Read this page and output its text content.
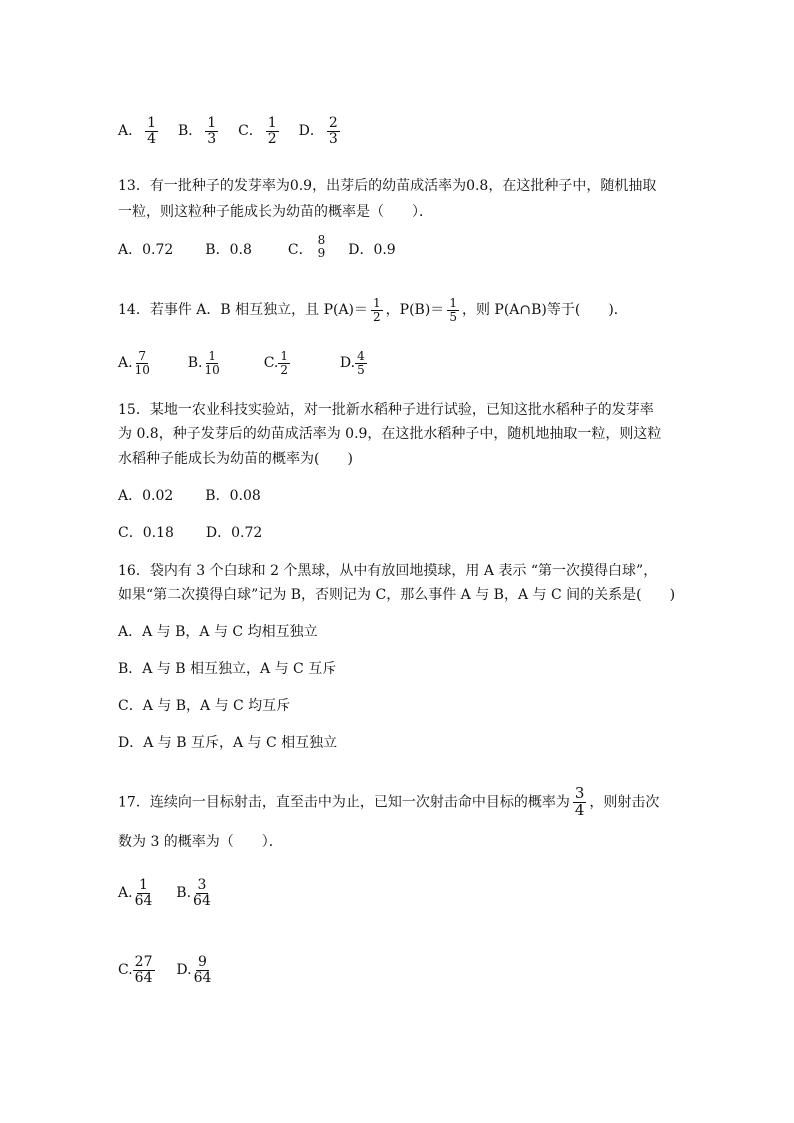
A． $\frac{1}{4}$ B． $\frac{1}{3}$ C． $\frac{1}{2}$ D． $\frac{2}{3}$
13．有一批种子的发芽率为0.9，出芽后的幼苗成活率为0.8，在这批种子中，随机抽取
一粒，则这粒种子能成长为幼苗的概率是（　　）．
A．0.72 B．0.8	C．
8
9 D．0.9
14．若事件 A．B 相互独立，且 $P(A)= \frac{1}{2}$ ，$P(B)= \frac{1}{5}$ ，则 P(A∩B)等于(　　)．
A. $\frac{7}{10}$	B. $\frac{1}{10}$	C. $\frac{1}{2}$	D. $\frac{4}{5}$
15．某地一农业科技实验站，对一批新水稻种子进行试验，已知这批水稻种子的发芽率
为 0.8，种子发芽后的幼苗成活率为 0.9，在这批水稻种子中，随机地抽取一粒，则这粒
水稻种子能成长为幼苗的概率为(　　)
A．0.02 B．0.08
C．0.18 D．0.72
16．袋内有 3 个白球和 2 个黑球，从中有放回地摸球，用 A 表示 “第一次摸得白球”，
如果“第二次摸得白球”记为 B，否则记为 C，那么事件 A 与 B，A 与 C 间的关系是(　　)
A．A 与 B，A 与 C 均相互独立
B．A 与 B 相互独立，A 与 C 互斥
C．A 与 B，A 与 C 均互斥
D．A 与 B 互斥，A 与 C 相互独立
17．连续向一目标射击，直至击中为止，已知一次射击命中目标的概率为 $\frac{3}{4}$ ，则射击次
数为 3 的概率为（　　）．
A. $\frac{1}{64} B$. $\frac{3}{64}$
C. $\frac{27}{64} D$. $\frac{9}{64}$
